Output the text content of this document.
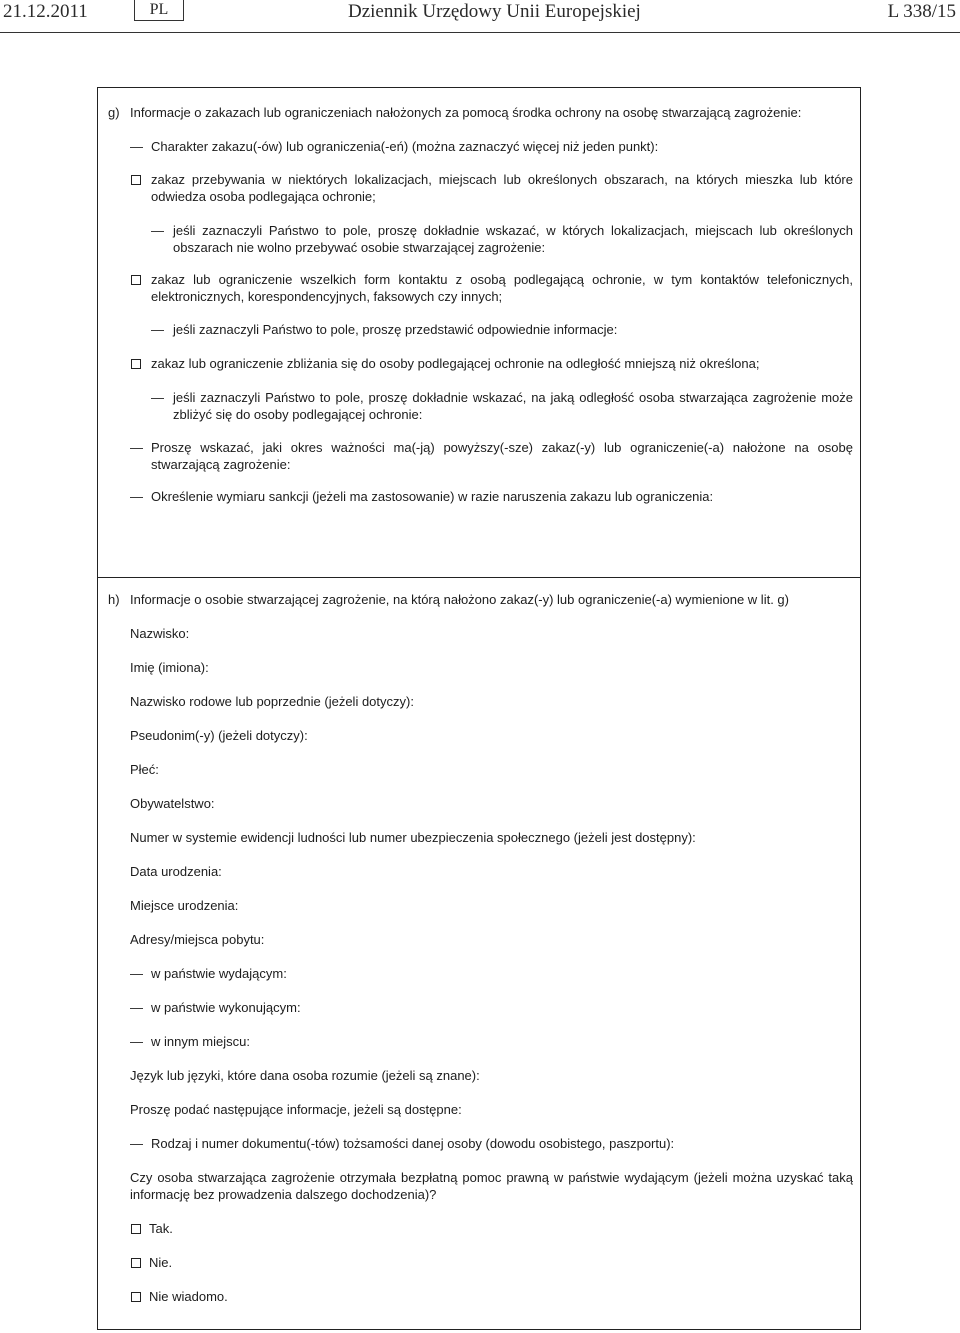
21.12.2011	PL	Dziennik Urzędowy Unii Europejskiej	L 338/15
g) Informacje o zakazach lub ograniczeniach nałożonych za pomocą środka ochrony na osobę stwarzającą zagrożenie:
— Charakter zakazu(-ów) lub ograniczenia(-eń) (można zaznaczyć więcej niż jeden punkt):
zakaz przebywania w niektórych lokalizacjach, miejscach lub określonych obszarach, na których mieszka lub które odwiedza osoba podlegająca ochronie;
— jeśli zaznaczyli Państwo to pole, proszę dokładnie wskazać, w których lokalizacjach, miejscach lub określonych obszarach nie wolno przebywać osobie stwarzającej zagrożenie:
zakaz lub ograniczenie wszelkich form kontaktu z osobą podlegającą ochronie, w tym kontaktów telefonicznych, elektronicznych, korespondencyjnych, faksowych czy innych;
— jeśli zaznaczyli Państwo to pole, proszę przedstawić odpowiednie informacje:
zakaz lub ograniczenie zbliżania się do osoby podlegającej ochronie na odległość mniejszą niż określona;
— jeśli zaznaczyli Państwo to pole, proszę dokładnie wskazać, na jaką odległość osoba stwarzająca zagrożenie może zbliżyć się do osoby podlegającej ochronie:
— Proszę wskazać, jaki okres ważności ma(-ją) powyższy(-sze) zakaz(-y) lub ograniczenie(-a) nałożone na osobę stwarzającą zagrożenie:
— Określenie wymiaru sankcji (jeżeli ma zastosowanie) w razie naruszenia zakazu lub ograniczenia:
h) Informacje o osobie stwarzającej zagrożenie, na którą nałożono zakaz(-y) lub ograniczenie(-a) wymienione w lit. g)
Nazwisko:
Imię (imiona):
Nazwisko rodowe lub poprzednie (jeżeli dotyczy):
Pseudonim(-y) (jeżeli dotyczy):
Płeć:
Obywatelstwo:
Numer w systemie ewidencji ludności lub numer ubezpieczenia społecznego (jeżeli jest dostępny):
Data urodzenia:
Miejsce urodzenia:
Adresy/miejsca pobytu:
— w państwie wydającym:
— w państwie wykonującym:
— w innym miejscu:
Język lub języki, które dana osoba rozumie (jeżeli są znane):
Proszę podać następujące informacje, jeżeli są dostępne:
— Rodzaj i numer dokumentu(-tów) tożsamości danej osoby (dowodu osobistego, paszportu):
Czy osoba stwarzająca zagrożenie otrzymała bezpłatną pomoc prawną w państwie wydającym (jeżeli można uzyskać taką informację bez prowadzenia dalszego dochodzenia)?
Tak.
Nie.
Nie wiadomo.
